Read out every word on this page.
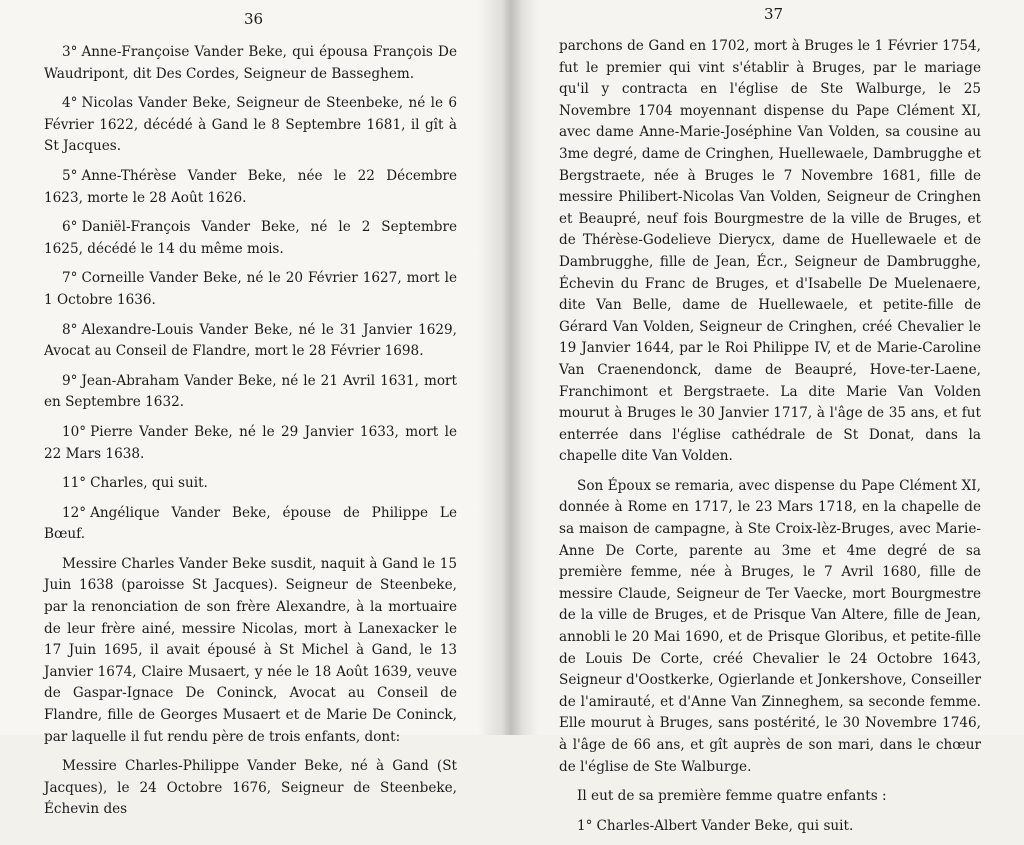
36

3° Anne-Françoise Vander Beke, qui épousa François De Waudripont, dit Des Cordes, Seigneur de Basseghem.

4° Nicolas Vander Beke, Seigneur de Steenbeke, né le 6 Février 1622, décédé à Gand le 8 Septembre 1681, il gît à St Jacques.

5° Anne-Thérèse Vander Beke, née le 22 Décembre 1623, morte le 28 Août 1626.

6° Daniël-François Vander Beke, né le 2 Septembre 1625, décédé le 14 du même mois.

7° Corneille Vander Beke, né le 20 Février 1627, mort le 1 Octobre 1636.

8° Alexandre-Louis Vander Beke, né le 31 Janvier 1629, Avocat au Conseil de Flandre, mort le 28 Février 1698.

9° Jean-Abraham Vander Beke, né le 21 Avril 1631, mort en Septembre 1632.

10° Pierre Vander Beke, né le 29 Janvier 1633, mort le 22 Mars 1638.

11° Charles, qui suit.

12° Angélique Vander Beke, épouse de Philippe Le Bœuf.

Messire Charles Vander Beke susdit, naquit à Gand le 15 Juin 1638 (paroisse St Jacques). Seigneur de Steenbeke, par la renonciation de son frère Alexandre, à la mortuaire de leur frère ainé, messire Nicolas, mort à Lanexacker le 17 Juin 1695, il avait épousé à St Michel à Gand, le 13 Janvier 1674, Claire Musaert, y née le 18 Août 1639, veuve de Gaspar-Ignace De Coninck, Avocat au Conseil de Flandre, fille de Georges Musaert et de Marie De Coninck, par laquelle il fut rendu père de trois enfants, dont:

Messire Charles-Philippe Vander Beke, né à Gand (St Jacques), le 24 Octobre 1676, Seigneur de Steenbeke, Échevin des

37

parchons de Gand en 1702, mort à Bruges le 1 Février 1754, fut le premier qui vint s'établir à Bruges, par le mariage qu'il y contracta en l'église de Ste Walburge, le 25 Novembre 1704 moyennant dispense du Pape Clément XI, avec dame Anne-Marie-Joséphine Van Volden, sa cousine au 3me degré, dame de Cringhen, Huellewaele, Dambrugghe et Bergstraete, née à Bruges le 7 Novembre 1681, fille de messire Philibert-Nicolas Van Volden, Seigneur de Cringhen et Beaupré, neuf fois Bourgmestre de la ville de Bruges, et de Thérèse-Godelieve Dierycx, dame de Huellewaele et de Dambrugghe, fille de Jean, Écr., Seigneur de Dambrugghe, Échevin du Franc de Bruges, et d'Isabelle De Muelenaere, dite Van Belle, dame de Huellewaele, et petite-fille de Gérard Van Volden, Seigneur de Cringhen, créé Chevalier le 19 Janvier 1644, par le Roi Philippe IV, et de Marie-Caroline Van Craenendonck, dame de Beaupré, Hove-ter-Laene, Franchimont et Bergstraete. La dite Marie Van Volden mourut à Bruges le 30 Janvier 1717, à l'âge de 35 ans, et fut enterrée dans l'église cathédrale de St Donat, dans la chapelle dite Van Volden.

Son Époux se remaria, avec dispense du Pape Clément XI, donnée à Rome en 1717, le 23 Mars 1718, en la chapelle de sa maison de campagne, à Ste Croix-lèz-Bruges, avec Marie-Anne De Corte, parente au 3me et 4me degré de sa première femme, née à Bruges, le 7 Avril 1680, fille de messire Claude, Seigneur de Ter Vaecke, mort Bourgmestre de la ville de Bruges, et de Prisque Van Altere, fille de Jean, annobli le 20 Mai 1690, et de Prisque Gloribus, et petite-fille de Louis De Corte, créé Chevalier le 24 Octobre 1643, Seigneur d'Oostkerke, Ogierlande et Jonkershove, Conseiller de l'amirauté, et d'Anne Van Zinneghem, sa seconde femme. Elle mourut à Bruges, sans postérité, le 30 Novembre 1746, à l'âge de 66 ans, et gît auprès de son mari, dans le chœur de l'église de Ste Walburge.

Il eut de sa première femme quatre enfants :

1° Charles-Albert Vander Beke, qui suit.
